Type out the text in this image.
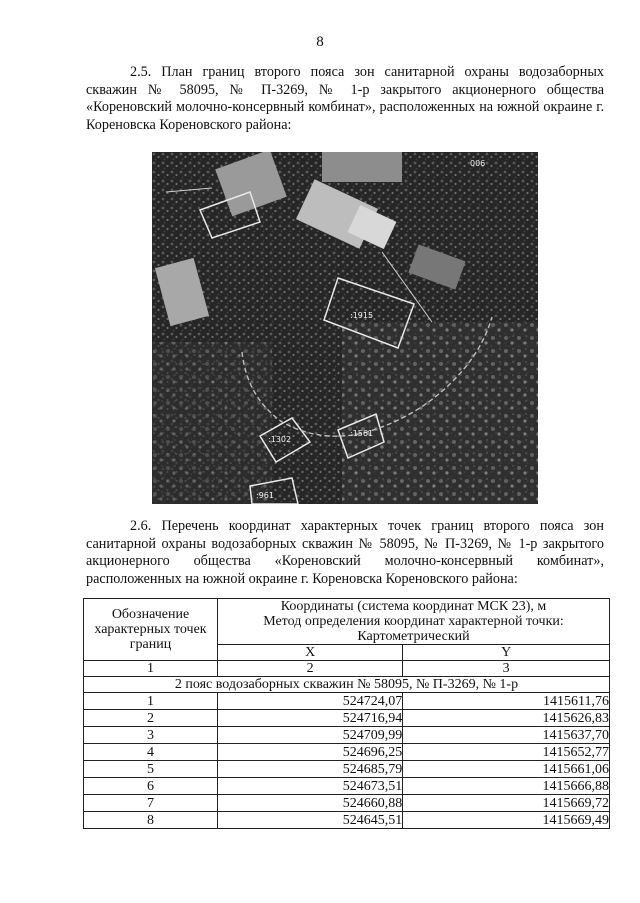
8

2.5. План границ второго пояса зон санитарной охраны водозаборных скважин № 58095, № П-3269, № 1-р закрытого акционерного общества «Кореновский молочно-консервный комбинат», расположенных на южной окраине г. Кореновска Кореновского района:

:1915
:1302
:1561
:961
006

2.6. Перечень координат характерных точек границ второго пояса зон санитарной охраны водозаборных скважин № 58095, № П-3269, № 1-р закрытого акционерного общества «Кореновский молочно-консервный комбинат», расположенных на южной окраине г. Кореновска Кореновского района:

Обозначение характерных точек границ	Координаты (система координат МСК 23), м
Метод определения координат характерной точки:
Картометрический	

	X	Y
1	2	3
2 пояс водозаборных скважин № 58095, № П-3269, № 1-р		
1	524724,07	1415611,76
2	524716,94	1415626,83
3	524709,99	1415637,70
4	524696,25	1415652,77
5	524685,79	1415661,06
6	524673,51	1415666,88
7	524660,88	1415669,72
8	524645,51	1415669,49
